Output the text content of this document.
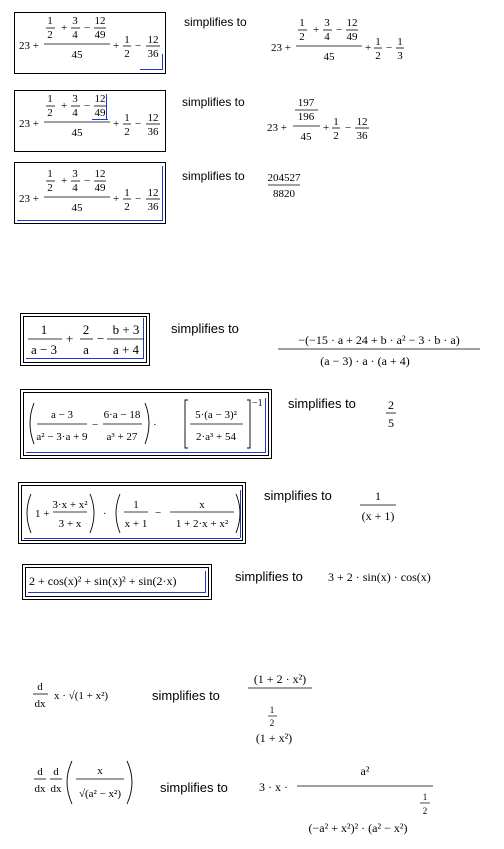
23 +
1
2
+
3
4
−
12
49
45
+ 1
2
− 12
36	23 +
1
2
+
3
4
−
12
49
45
+ 1
2
− 1
3
simplifies to
23 +
1
2
+
3
4
−
12
49
45
+ 1
2
− 12
36	23 +
197
196
45
+ 1
2
− 12
36
simplifies to
23 +
1
2
+
3
4
−
12
49
45
+ 1
2
− 12
36
204527
8820
simplifies to
1
a − 3
+
2
a
−
b + 3
a + 4
−(−15 · a + 24 + b · a² − 3 · b · a)
(a − 3) · a · (a + 4)
simplifies to
a − 3
a² − 3·a + 9
−
6·a − 18
a³ + 27
·
5·(a − 3)²
2·a³ + 54
−1	2
5
simplifies to
1 +
3·x + x²
3 + x
·
1
x + 1
−
x
1 + 2·x + x²
1
(x + 1)
simplifies to
2 + cos(x)² + sin(x)² + sin(2·x)	simplifies to 3 + 2 · sin(x) · cos(x)
d
dx
x · √(1 + x²)
(1 + 2 · x²)
1
2
(1 + x²)
simplifies to
d
dx
d
dx
x
√(a² − x²)	3 · x ·
a²
1
2
(−a² + x²)² · (a² − x²)
simplifies to
